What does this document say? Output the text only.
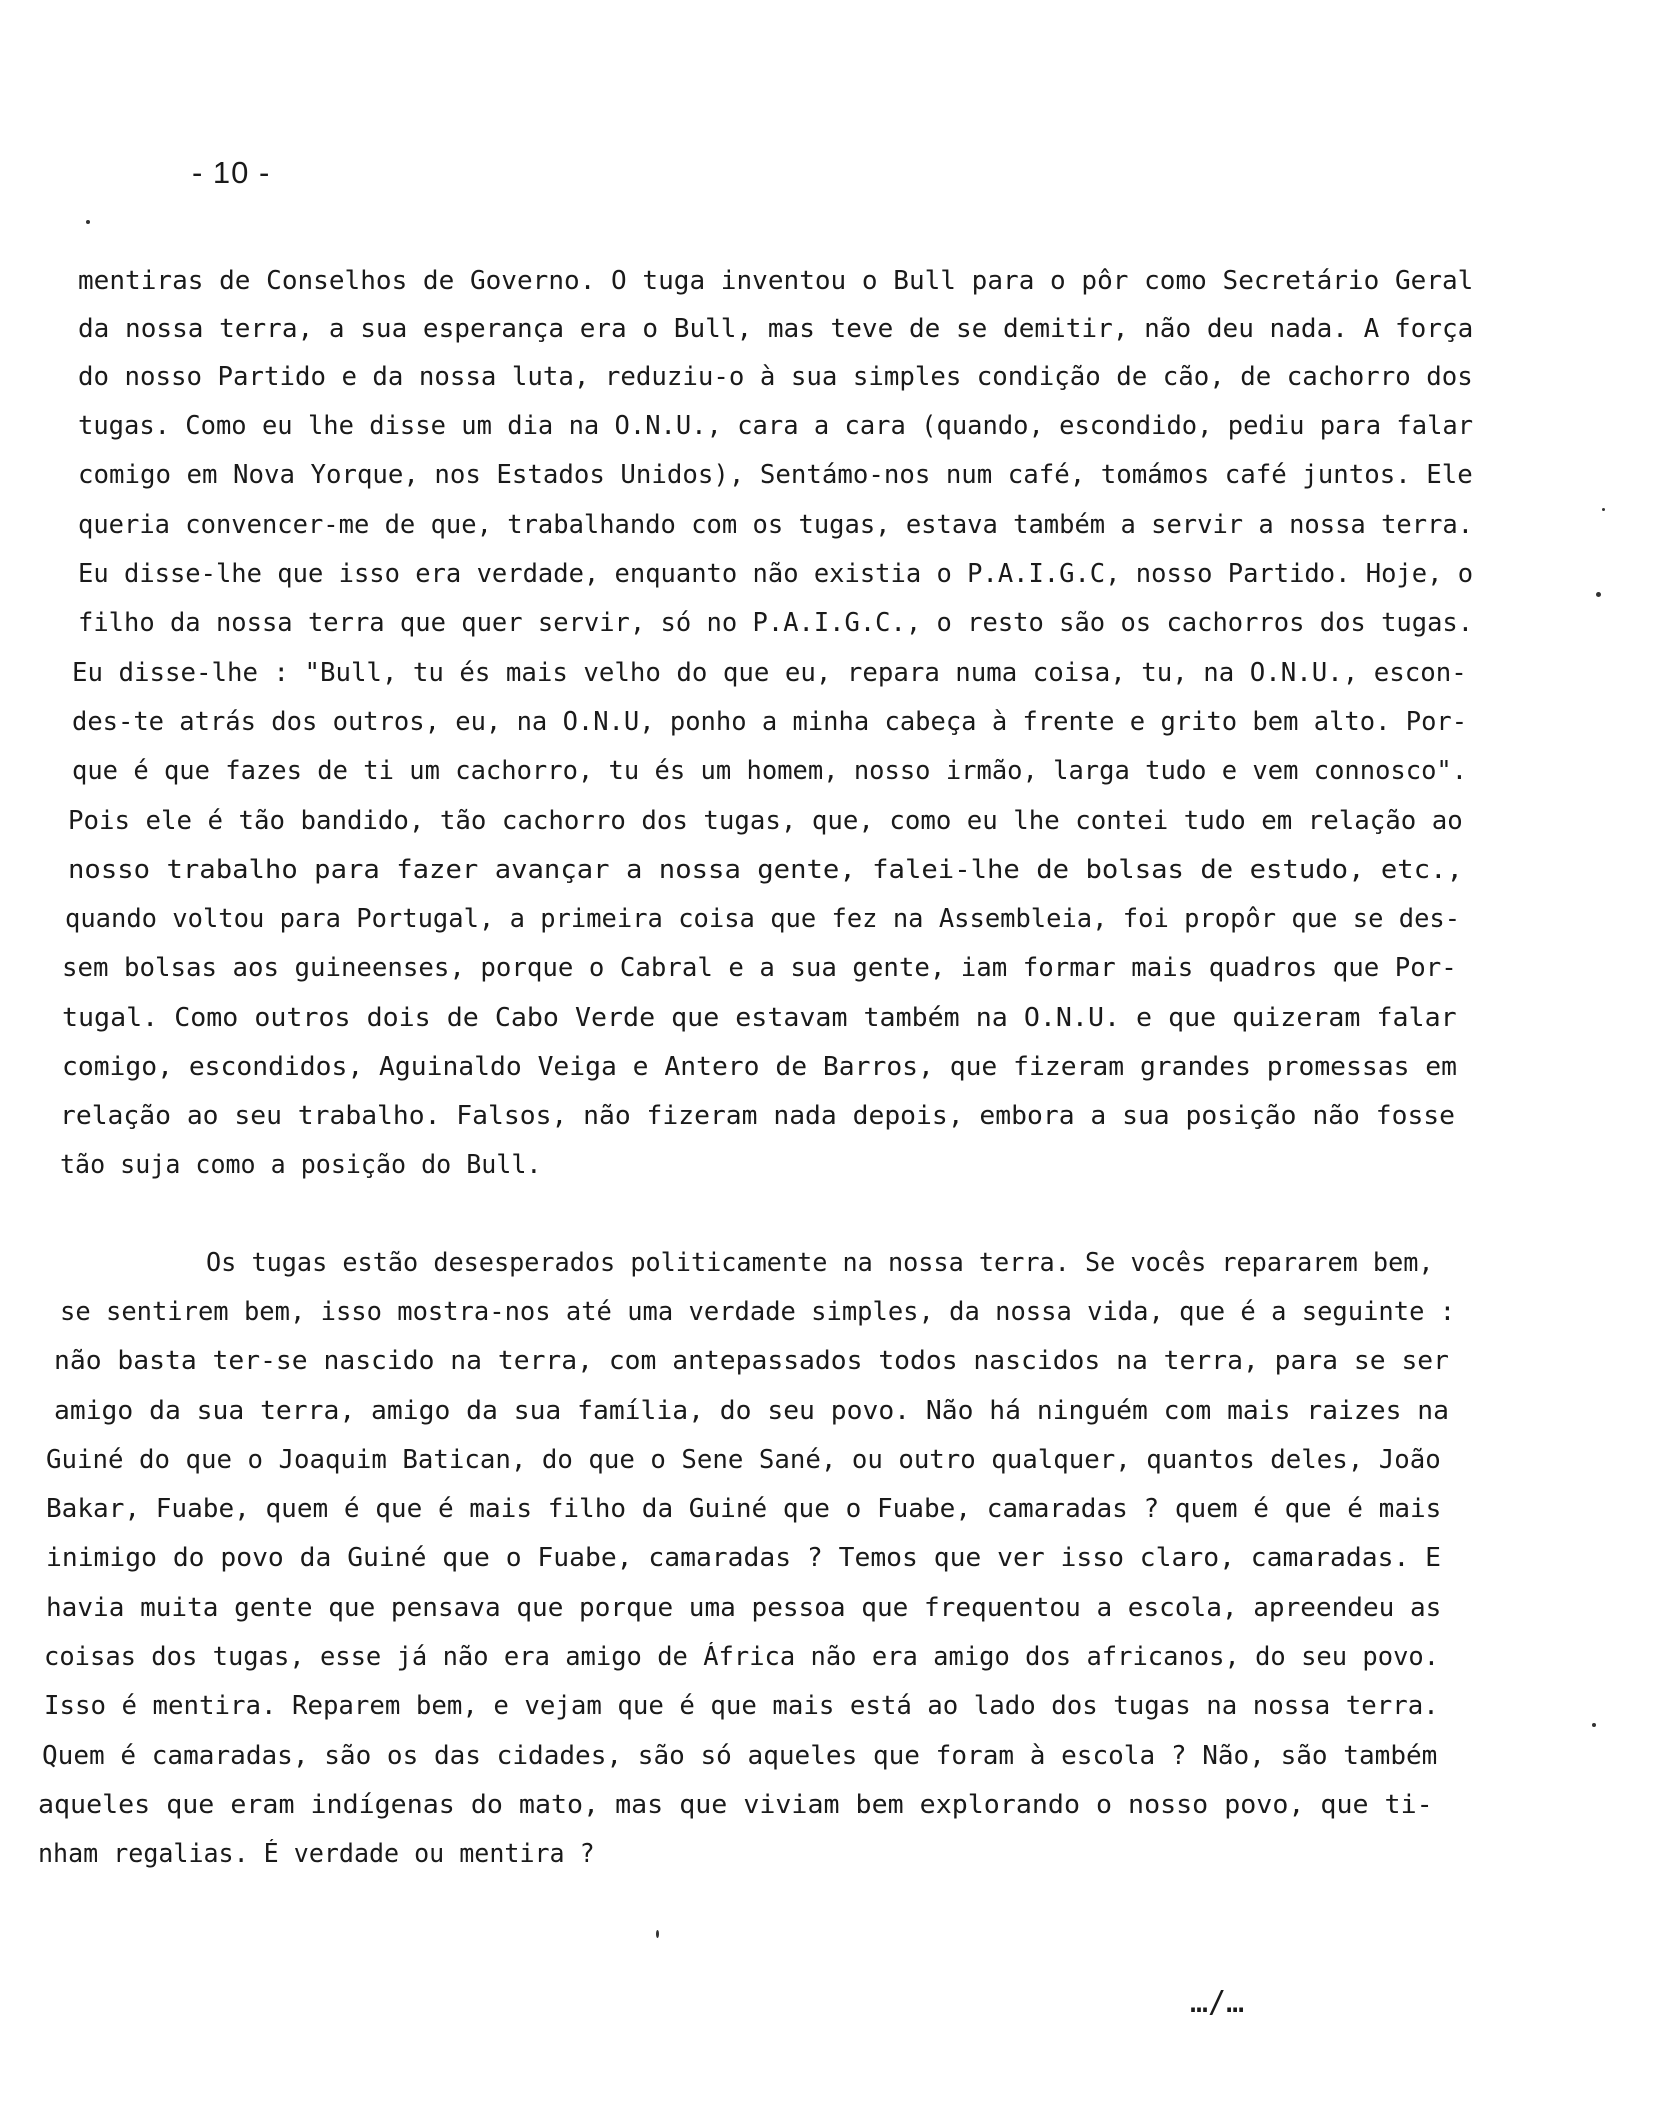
- 10 -
mentiras de Conselhos de Governo. O tuga inventou o Bull para o pôr como Secretário Geral
da nossa terra, a sua esperança era o Bull, mas teve de se demitir, não deu nada. A força
do nosso Partido e da nossa luta, reduziu-o à sua simples condição de cão, de cachorro dos
tugas. Como eu lhe disse um dia na O.N.U., cara a cara (quando, escondido, pediu para falar
comigo em Nova Yorque, nos Estados Unidos), Sentámo-nos num café, tomámos café juntos. Ele
queria convencer-me de que, trabalhando com os tugas, estava também a servir a nossa terra.
Eu disse-lhe que isso era verdade, enquanto não existia o P.A.I.G.C, nosso Partido. Hoje, o
filho da nossa terra que quer servir, só no P.A.I.G.C., o resto são os cachorros dos tugas.
Eu disse-lhe : "Bull, tu és mais velho do que eu, repara numa coisa, tu, na O.N.U., escon-
des-te atrás dos outros, eu, na O.N.U, ponho a minha cabeça à frente e grito bem alto. Por-
que é que fazes de ti um cachorro, tu és um homem, nosso irmão, larga tudo e vem connosco".
Pois ele é tão bandido, tão cachorro dos tugas, que, como eu lhe contei tudo em relação ao
nosso trabalho para fazer avançar a nossa gente, falei-lhe de bolsas de estudo, etc.,
quando voltou para Portugal, a primeira coisa que fez na Assembleia, foi propôr que se des-
sem bolsas aos guineenses, porque o Cabral e a sua gente, iam formar mais quadros que Por-
tugal. Como outros dois de Cabo Verde que estavam também na O.N.U. e que quizeram falar
comigo, escondidos, Aguinaldo Veiga e Antero de Barros, que fizeram grandes promessas em
relação ao seu trabalho. Falsos, não fizeram nada depois, embora a sua posição não fosse
tão suja como a posição do Bull.
Os tugas estão desesperados politicamente na nossa terra. Se vocês repararem bem,
se sentirem bem, isso mostra-nos até uma verdade simples, da nossa vida, que é a seguinte :
não basta ter-se nascido na terra, com antepassados todos nascidos na terra, para se ser
amigo da sua terra, amigo da sua família, do seu povo. Não há ninguém com mais raizes na
Guiné do que o Joaquim Batican, do que o Sene Sané, ou outro qualquer, quantos deles, João
Bakar, Fuabe, quem é que é mais filho da Guiné que o Fuabe, camaradas ? quem é que é mais
inimigo do povo da Guiné que o Fuabe, camaradas ? Temos que ver isso claro, camaradas. E
havia muita gente que pensava que porque uma pessoa que frequentou a escola, apreendeu as
coisas dos tugas, esse já não era amigo de África não era amigo dos africanos, do seu povo.
Isso é mentira. Reparem bem, e vejam que é que mais está ao lado dos tugas na nossa terra.
Quem é camaradas, são os das cidades, são só aqueles que foram à escola ? Não, são também
aqueles que eram indígenas do mato, mas que viviam bem explorando o nosso povo, que ti-
nham regalias. É verdade ou mentira ?
…/…
